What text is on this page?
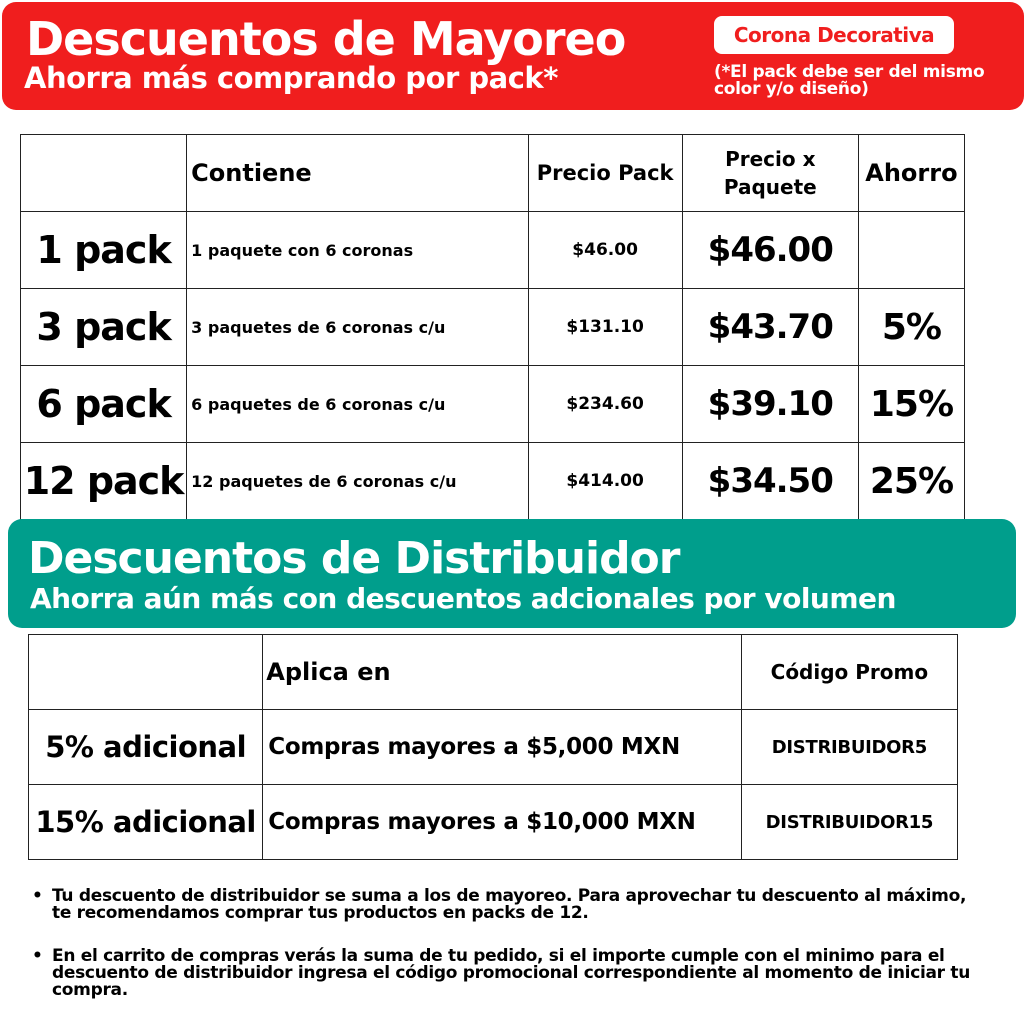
Descuentos de Mayoreo
Ahorra más comprando por pack*
Corona Decorativa
(*El pack debe ser del mismo color y/o diseño)
	Contiene	Precio Pack	Precio x Paquete	Ahorro
1 pack	1 paquete con 6 coronas	$46.00	$46.00	
3 pack	3 paquetes de 6 coronas c/u	$131.10	$43.70	5%
6 pack	6 paquetes de 6 coronas c/u	$234.60	$39.10	15%
12 pack	12 paquetes de 6 coronas c/u	$414.00	$34.50	25%
Descuentos de Distribuidor
Ahorra aún más con descuentos adcionales por volumen
	Aplica en	Código Promo
5% adicional	Compras mayores a $5,000 MXN	DISTRIBUIDOR5
15% adicional	Compras mayores a $10,000 MXN	DISTRIBUIDOR15
• Tu descuento de distribuidor se suma a los de mayoreo. Para aprovechar tu descuento al máximo, te recomendamos comprar tus productos en packs de 12.
• En el carrito de compras verás la suma de tu pedido, si el importe cumple con el minimo para el descuento de distribuidor ingresa el código promocional correspondiente al momento de iniciar tu compra.
